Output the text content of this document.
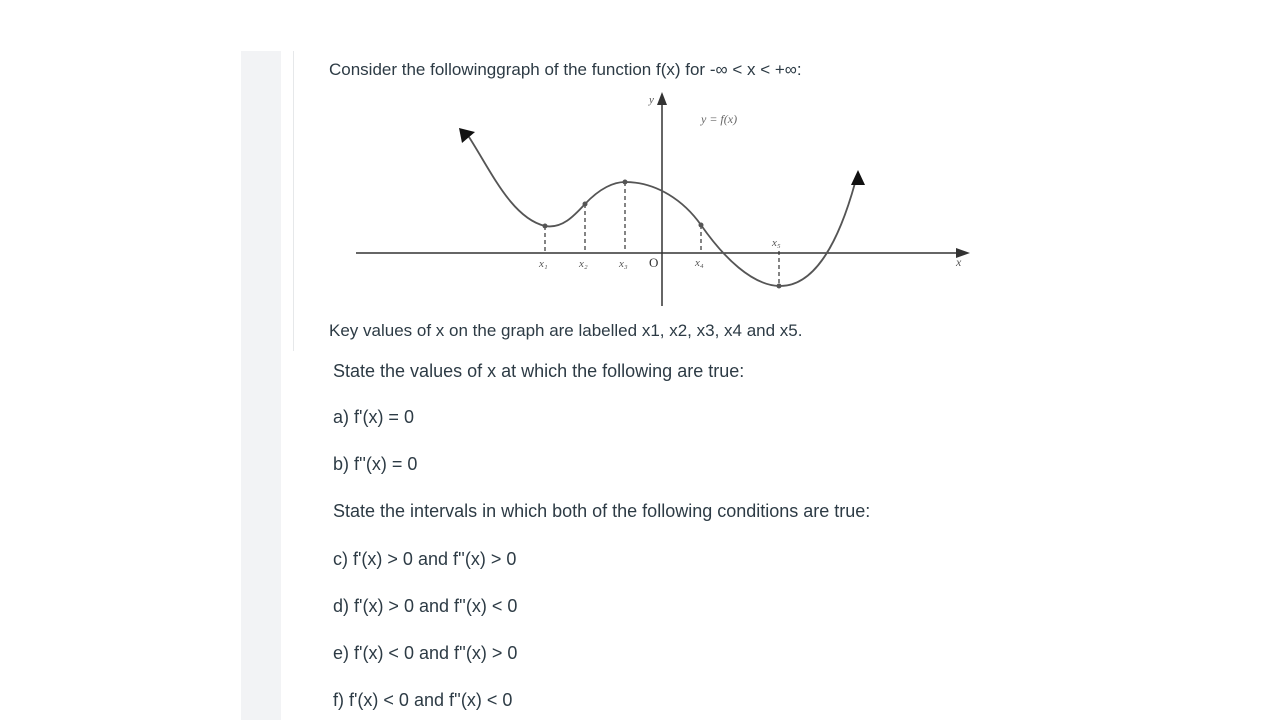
Consider the followinggraph of the function f(x) for -∞ < x < +∞:

y
y = f(x)
x
O
x₁	x₂	x₃	x₄
x₅

Key values of x on the graph are labelled x1, x2, x3, x4 and x5.

State the values of x at which the following are true:

a) f'(x) = 0

b) f''(x) = 0

State the intervals in which both of the following conditions are true:

c) f'(x) > 0 and f''(x) > 0

d) f'(x) > 0 and f''(x) < 0

e) f'(x) < 0 and f''(x) > 0

f) f'(x) < 0 and f''(x) < 0
